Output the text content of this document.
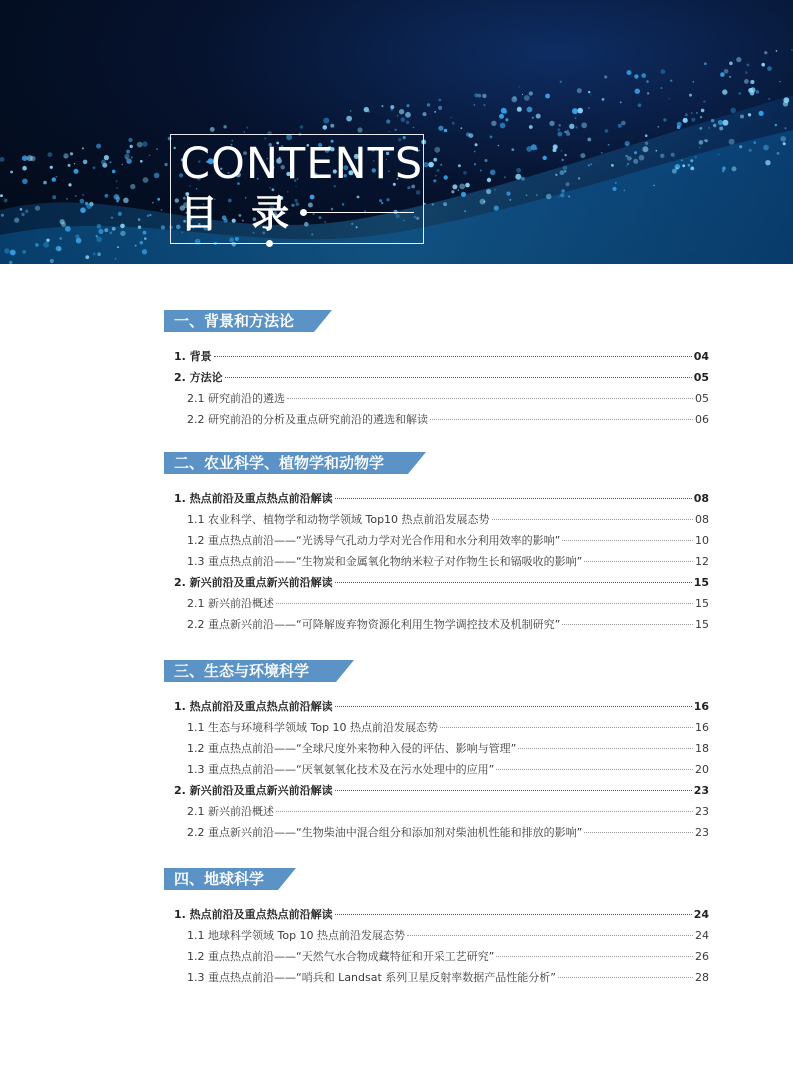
CONTENTS
目 录
一、背景和方法论
1. 背景	04
2. 方法论	05
2.1 研究前沿的遴选	05
2.2 研究前沿的分析及重点研究前沿的遴选和解读	06
二、农业科学、植物学和动物学
1. 热点前沿及重点热点前沿解读	08
1.1 农业科学、植物学和动物学领域 Top10 热点前沿发展态势	08
1.2 重点热点前沿——“光诱导气孔动力学对光合作用和水分利用效率的影响”	10
1.3 重点热点前沿——“生物炭和金属氧化物纳米粒子对作物生长和镉吸收的影响”	12
2. 新兴前沿及重点新兴前沿解读	15
2.1 新兴前沿概述	15
2.2 重点新兴前沿——“可降解废弃物资源化利用生物学调控技术及机制研究”	15
三、生态与环境科学
1. 热点前沿及重点热点前沿解读	16
1.1 生态与环境科学领域 Top 10 热点前沿发展态势	16
1.2 重点热点前沿——“全球尺度外来物种入侵的评估、影响与管理”	18
1.3 重点热点前沿——“厌氧氨氧化技术及在污水处理中的应用”	20
2. 新兴前沿及重点新兴前沿解读	23
2.1 新兴前沿概述	23
2.2 重点新兴前沿——“生物柴油中混合组分和添加剂对柴油机性能和排放的影响”	23
四、地球科学
1. 热点前沿及重点热点前沿解读	24
1.1 地球科学领域 Top 10 热点前沿发展态势	24
1.2 重点热点前沿——“天然气水合物成藏特征和开采工艺研究”	26
1.3 重点热点前沿——“哨兵和 Landsat 系列卫星反射率数据产品性能分析”	28
